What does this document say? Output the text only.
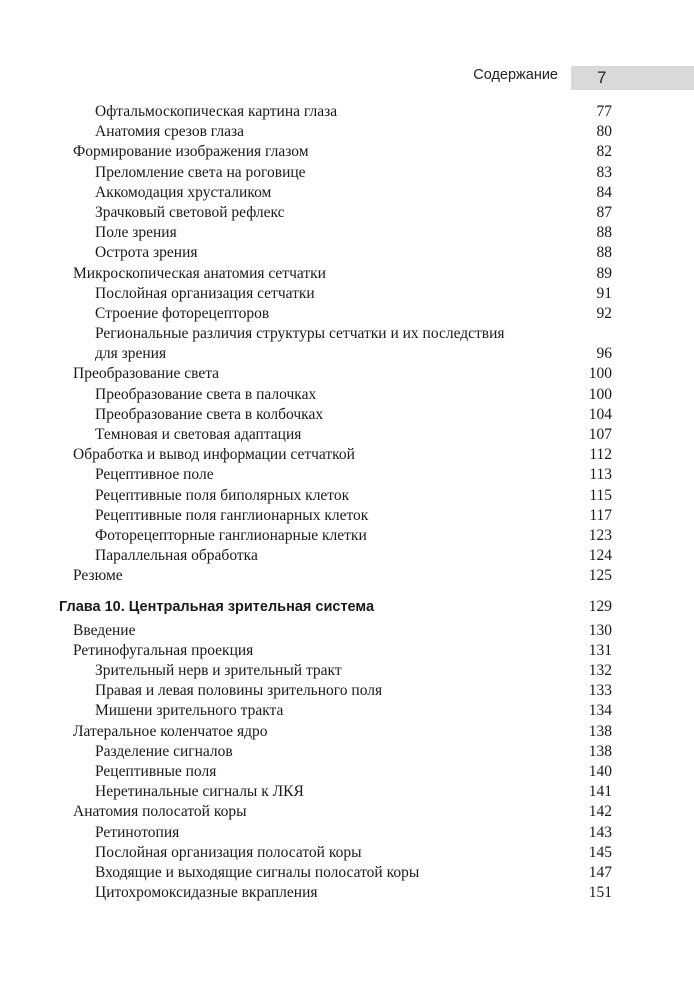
Содержание 7
Офтальмоскопическая картина глаза	77
Анатомия срезов глаза	80
Формирование изображения глазом	82
Преломление света на роговице	83
Аккомодация хрусталиком	84
Зрачковый световой рефлекс	87
Поле зрения	88
Острота зрения	88
Микроскопическая анатомия сетчатки	89
Послойная организация сетчатки	91
Строение фоторецепторов	92
Региональные различия структуры сетчатки и их последствия
для зрения	96
Преобразование света	100
Преобразование света в палочках	100
Преобразование света в колбочках	104
Темновая и световая адаптация	107
Обработка и вывод информации сетчаткой	112
Рецептивное поле	113
Рецептивные поля биполярных клеток	115
Рецептивные поля ганглионарных клеток	117
Фоторецепторные ганглионарные клетки	123
Параллельная обработка	124
Резюме	125
Глава 10. Центральная зрительная система	129
Введение	130
Ретинофугальная проекция	131
Зрительный нерв и зрительный тракт	132
Правая и левая половины зрительного поля	133
Мишени зрительного тракта	134
Латеральное коленчатое ядро	138
Разделение сигналов	138
Рецептивные поля	140
Неретинальные сигналы к ЛКЯ	141
Анатомия полосатой коры	142
Ретинотопия	143
Послойная организация полосатой коры	145
Входящие и выходящие сигналы полосатой коры	147
Цитохромоксидазные вкрапления	151
